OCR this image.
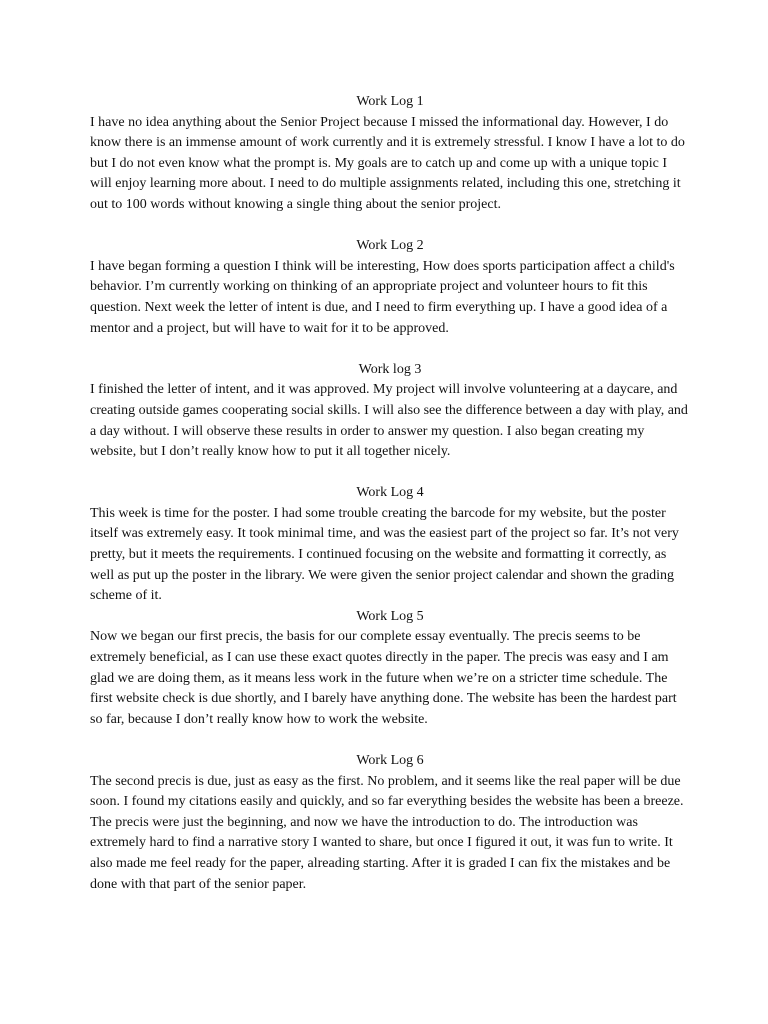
Work Log 1

I have no idea anything about the Senior Project because I missed the informational day. However, I do know there is an immense amount of work currently and it is extremely stressful. I know I have a lot to do but I do not even know what the prompt is. My goals are to catch up and come up with a unique topic I will enjoy learning more about. I need to do multiple assignments related, including this one, stretching it out to 100 words without knowing a single thing about the senior project.

Work Log 2

I have began forming a question I think will be interesting, How does sports participation affect a child's behavior. I’m currently working on thinking of an appropriate project and volunteer hours to fit this question. Next week the letter of intent is due, and I need to firm everything up. I have a good idea of a mentor and a project, but will have to wait for it to be approved.

Work log 3

I finished the letter of intent, and it was approved. My project will involve volunteering at a daycare, and creating outside games cooperating social skills. I will also see the difference between a day with play, and a day without. I will observe these results in order to answer my question. I also began creating my website, but I don’t really know how to put it all together nicely.

Work Log 4

This week is time for the poster. I had some trouble creating the barcode for my website, but the poster itself was extremely easy. It took minimal time, and was the easiest part of the project so far. It’s not very pretty, but it meets the requirements. I continued focusing on the website and formatting it correctly, as well as put up the poster in the library. We were given the senior project calendar and shown the grading scheme of it.

Work Log 5

Now we began our first precis, the basis for our complete essay eventually. The precis seems to be extremely beneficial, as I can use these exact quotes directly in the paper. The precis was easy and I am glad we are doing them, as it means less work in the future when we’re on a stricter time schedule. The first website check is due shortly, and I barely have anything done. The website has been the hardest part so far, because I don’t really know how to work the website.

Work Log 6

The second precis is due, just as easy as the first. No problem, and it seems like the real paper will be due soon. I found my citations easily and quickly, and so far everything besides the website has been a breeze. The precis were just the beginning, and now we have the introduction to do. The introduction was extremely hard to find a narrative story I wanted to share, but once I figured it out, it was fun to write. It also made me feel ready for the paper, alreading starting. After it is graded I can fix the mistakes and be done with that part of the senior paper.
